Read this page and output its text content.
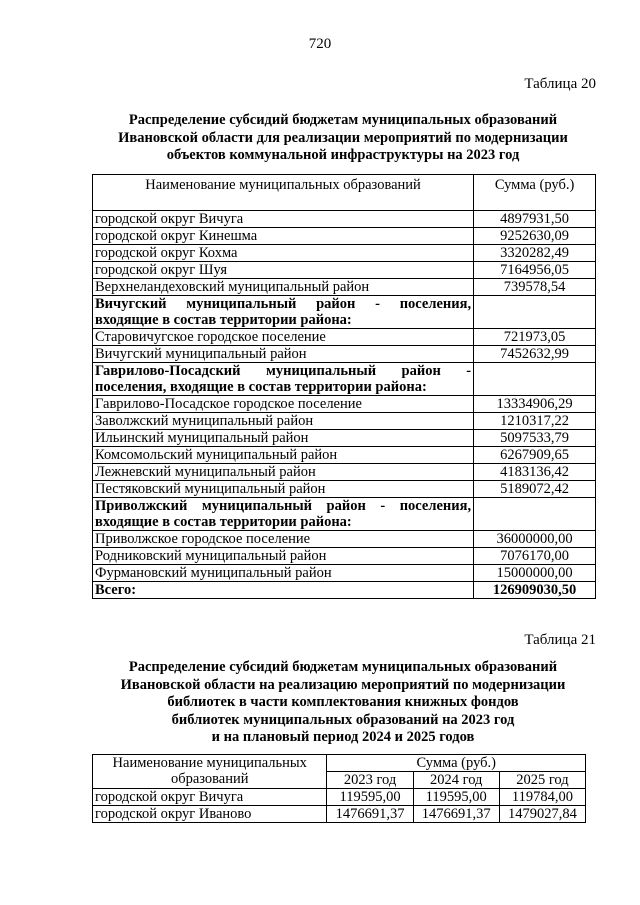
720
Таблица 20
Распределение субсидий бюджетам муниципальных образований
Ивановской области для реализации мероприятий по модернизации
объектов коммунальной инфраструктуры на 2023 год
Наименование муниципальных образований	Сумма (руб.)
городской округ Вичуга	4897931,50
городской округ Кинешма	9252630,09
городской округ Кохма	3320282,49
городской округ Шуя	7164956,05
Верхнеландеховский муниципальный район	739578,54
Вичугский муниципальный район - поселения, входящие в состав территории района:	
Старовичугское городское поселение	721973,05
Вичугский муниципальный район	7452632,99
Гаврилово-Посадский муниципальный район - поселения, входящие в состав территории района:	
Гаврилово-Посадское городское поселение	13334906,29
Заволжский муниципальный район	1210317,22
Ильинский муниципальный район	5097533,79
Комсомольский муниципальный район	6267909,65
Лежневский муниципальный район	4183136,42
Пестяковский муниципальный район	5189072,42
Приволжский муниципальный район - поселения, входящие в состав территории района:	
Приволжское городское поселение	36000000,00
Родниковский муниципальный район	7076170,00
Фурмановский муниципальный район	15000000,00
Всего:	126909030,50
Таблица 21
Распределение субсидий бюджетам муниципальных образований
Ивановской области на реализацию мероприятий по модернизации
библиотек в части комплектования книжных фондов
библиотек муниципальных образований на 2023 год
и на плановый период 2024 и 2025 годов
Наименование муниципальных
образований	Сумма (руб.)		
	2023 год	2024 год	2025 год
городской округ Вичуга	119595,00	119595,00	119784,00
городской округ Иваново	1476691,37	1476691,37	1479027,84
